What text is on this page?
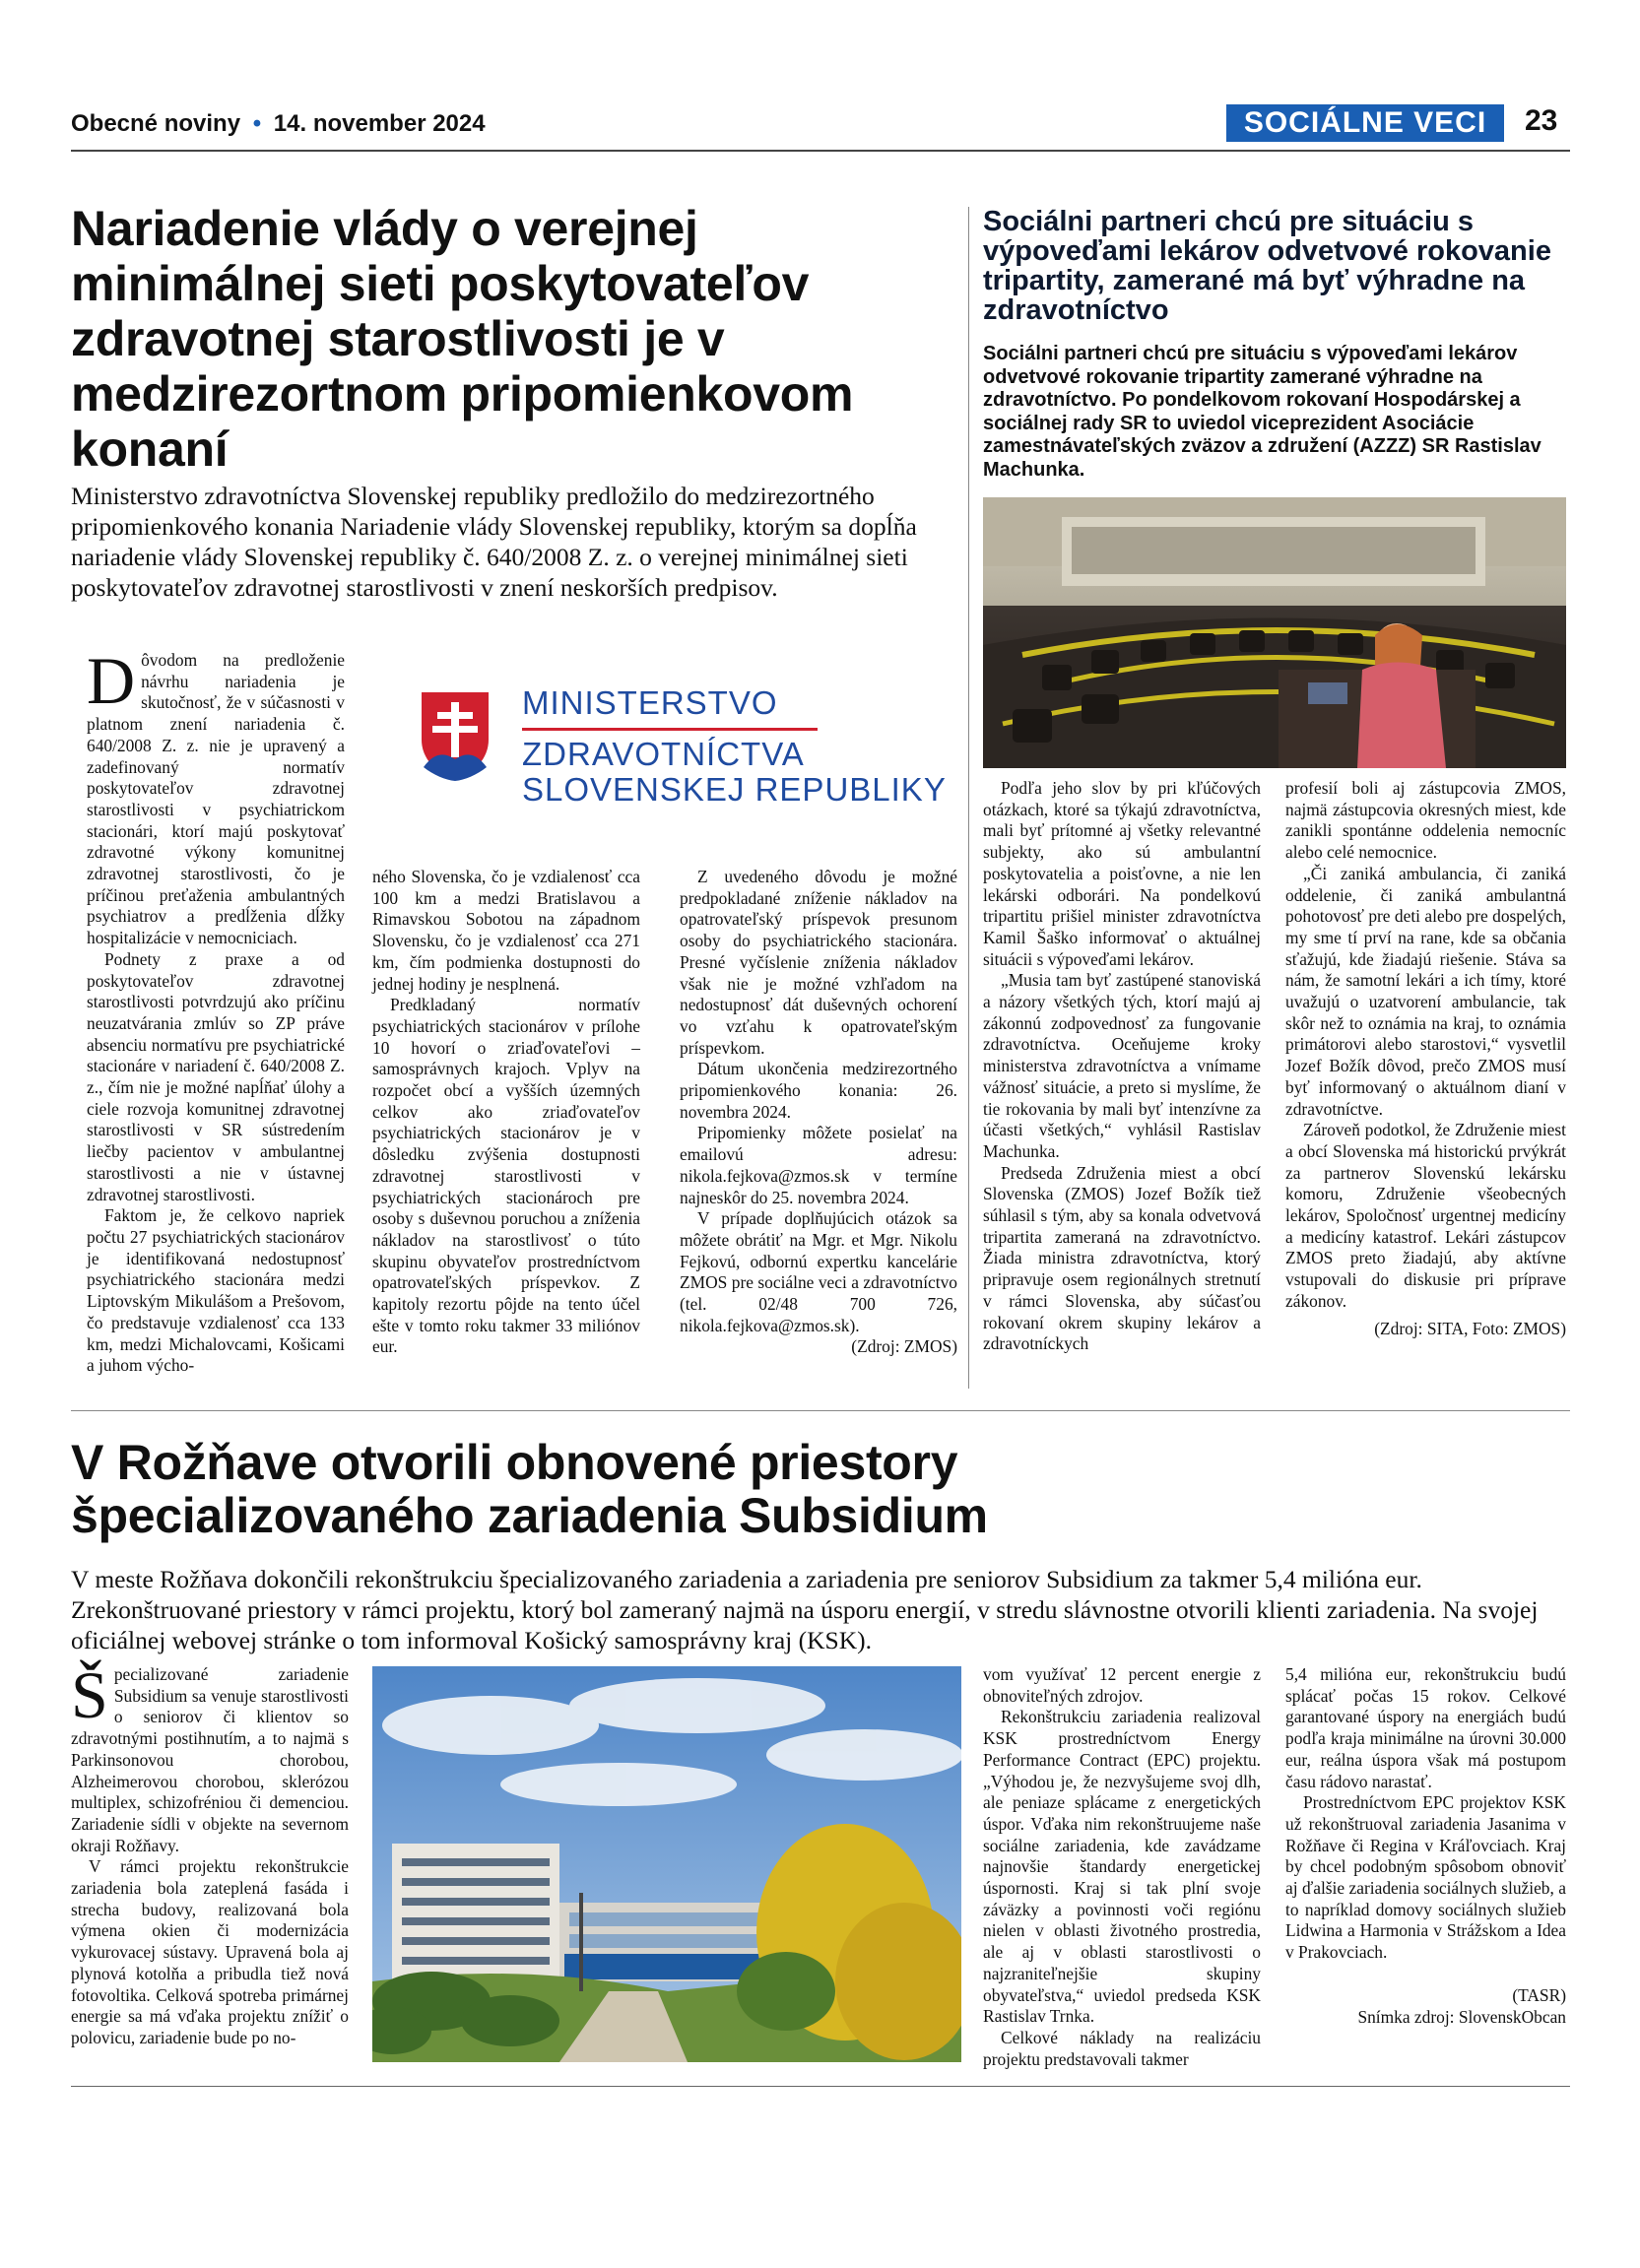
Obecné noviny • 14. november 2024	SOCIÁLNE VECI	23
Nariadenie vlády o verejnej minimálnej sieti poskytovateľov zdravotnej starostlivosti je v medzirezortnom pripomienkovom konaní
Ministerstvo zdravotníctva Slovenskej republiky predložilo do medzirezortného pripomienkového konania Nariadenie vlády Slovenskej republiky, ktorým sa dopĺňa nariadenie vlády Slovenskej republiky č. 640/2008 Z. z. o verejnej minimálnej sieti poskytovateľov zdravotnej starostlivosti v znení neskorších predpisov.
MINISTERSTVO
ZDRAVOTNÍCTVA
SLOVENSKEJ REPUBLIKY

Dôvodom na predloženie návrhu nariadenia je skutočnosť, že v súčasnosti v platnom znení nariadenia č. 640/2008 Z. z. nie je upravený a zadefinovaný normatív poskytovateľov zdravotnej starostlivosti v psychiatrickom stacionári, ktorí majú poskytovať zdravotné výkony komunitnej zdravotnej starostlivosti, čo je príčinou preťaženia ambulantných psychiatrov a predĺženia dĺžky hospitalizácie v nemocniciach.

Podnety z praxe a od poskytovateľov zdravotnej starostlivosti potvrdzujú ako príčinu neuzatvárania zmlúv so ZP práve absenciu normatívu pre psychiatrické stacionáre v nariadení č. 640/2008 Z. z., čím nie je možné napĺňať úlohy a ciele rozvoja komunitnej zdravotnej starostlivosti v SR sústredením liečby pacientov v ambulantnej starostlivosti a nie v ústavnej zdravotnej starostlivosti.

Faktom je, že celkovo napriek počtu 27 psychiatrických stacionárov je identifikovaná nedostupnosť psychiatrického stacionára medzi Liptovským Mikulášom a Prešovom, čo predstavuje vzdialenosť cca 133 km, medzi Michalovcami, Košicami a juhom výcho-

ného Slovenska, čo je vzdialenosť cca 100 km a medzi Bratislavou a Rimavskou Sobotou na západnom Slovensku, čo je vzdialenosť cca 271 km, čím podmienka dostupnosti do jednej hodiny je nesplnená.

Predkladaný normatív psychiatrických stacionárov v prílohe 10 hovorí o zriaďovateľovi – samosprávnych krajoch. Vplyv na rozpočet obcí a vyšších územných celkov ako zriaďovateľov psychiatrických stacionárov je v dôsledku zvýšenia dostupnosti zdravotnej starostlivosti v psychiatrických stacionároch pre osoby s duševnou poruchou a zníženia nákladov na starostlivosť o túto skupinu obyvateľov prostredníctvom opatrovateľských príspevkov. Z kapitoly rezortu pôjde na tento účel ešte v tomto roku takmer 33 miliónov eur.

Z uvedeného dôvodu je možné predpokladané zníženie nákladov na opatrovateľský príspevok presunom osoby do psychiatrického stacionára. Presné vyčíslenie zníženia nákladov však nie je možné vzhľadom na nedostupnosť dát duševných ochorení vo vzťahu k opatrovateľským príspevkom.

Dátum ukončenia medzirezortného pripomienkového konania: 26. novembra 2024.

Pripomienky môžete posielať na emailovú adresu: nikola.fejkova@zmos.sk v termíne najneskôr do 25. novembra 2024.

V prípade doplňujúcich otázok sa môžete obrátiť na Mgr. et Mgr. Nikolu Fejkovú, odbornú expertku kancelárie ZMOS pre sociálne veci a zdravotníctvo (tel. 02/48 700 726, nikola.fejkova@zmos.sk).

(Zdroj: ZMOS)

Sociálni partneri chcú pre situáciu s výpoveďami lekárov odvetvové rokovanie tripartity, zamerané má byť výhradne na zdravotníctvo
Sociálni partneri chcú pre situáciu s výpoveďami lekárov odvetvové rokovanie tripartity zamerané výhradne na zdravotníctvo. Po pondelkovom rokovaní Hospodárskej a sociálnej rady SR to uviedol viceprezident Asociácie zamestnávateľských zväzov a združení (AZZZ) SR Rastislav Machunka.

Podľa jeho slov by pri kľúčových otázkach, ktoré sa týkajú zdravotníctva, mali byť prítomné aj všetky relevantné subjekty, ako sú ambulantní poskytovatelia a poisťovne, a nie len lekárski odborári. Na pondelkovú tripartitu prišiel minister zdravotníctva Kamil Šaško informovať o aktuálnej situácii s výpoveďami lekárov.

„Musia tam byť zastúpené stanoviská a názory všetkých tých, ktorí majú aj zákonnú zodpovednosť za fungovanie zdravotníctva. Oceňujeme kroky ministerstva zdravotníctva a vnímame vážnosť situácie, a preto si myslíme, že tie rokovania by mali byť intenzívne za účasti všetkých,“ vyhlásil Rastislav Machunka.

Predseda Združenia miest a obcí Slovenska (ZMOS) Jozef Božík tiež súhlasil s tým, aby sa konala odvetvová tripartita zameraná na zdravotníctvo. Žiada ministra zdravotníctva, ktorý pripravuje osem regionálnych stretnutí v rámci Slovenska, aby súčasťou rokovaní okrem skupiny lekárov a zdravotníckych

profesií boli aj zástupcovia ZMOS, najmä zástupcovia okresných miest, kde zanikli spontánne oddelenia nemocníc alebo celé nemocnice.

„Či zaniká ambulancia, či zaniká oddelenie, či zaniká ambulantná pohotovosť pre deti alebo pre dospelých, my sme tí prví na rane, kde sa občania sťažujú, kde žiadajú riešenie. Stáva sa nám, že samotní lekári a ich tímy, ktoré uvažujú o uzatvorení ambulancie, tak skôr než to oznámia na kraj, to oznámia primátorovi alebo starostovi,“ vysvetlil Jozef Božík dôvod, prečo ZMOS musí byť informovaný o aktuálnom dianí v zdravotníctve.

Zároveň podotkol, že Združenie miest a obcí Slovenska má historickú prvýkrát za partnerov Slovenskú lekársku komoru, Združenie všeobecných lekárov, Spoločnosť urgentnej medicíny a medicíny katastrof. Lekári zástupcov ZMOS preto žiadajú, aby aktívne vstupovali do diskusie pri príprave zákonov.

(Zdroj: SITA, Foto: ZMOS)

V Rožňave otvorili obnovené priestory
špecializovaného zariadenia Subsidium
V meste Rožňava dokončili rekonštrukciu špecializovaného zariadenia a zariadenia pre seniorov Subsidium za takmer 5,4 milióna eur. Zrekonštruované priestory v rámci projektu, ktorý bol zameraný najmä na úsporu energií, v stredu slávnostne otvorili klienti zariadenia. Na svojej oficiálnej webovej stránke o tom informoval Košický samosprávny kraj (KSK).

Špecializované zariadenie Subsidium sa venuje starostlivosti o seniorov či klientov so zdravotnými postihnutím, a to najmä s Parkinsonovou chorobou, Alzheimerovou chorobou, sklerózou multiplex, schizofréniou či demenciou. Zariadenie sídli v objekte na severnom okraji Rožňavy.

V rámci projektu rekonštrukcie zariadenia bola zateplená fasáda i strecha budovy, realizovaná bola výmena okien či modernizácia vykurovacej sústavy. Upravená bola aj plynová kotolňa a pribudla tiež nová fotovoltika. Celková spotreba primárnej energie sa má vďaka projektu znížiť o polovicu, zariadenie bude po no-

vom využívať 12 percent energie z obnoviteľných zdrojov.

Rekonštrukciu zariadenia realizoval KSK prostredníctvom Energy Performance Contract (EPC) projektu. „Výhodou je, že nezvyšujeme svoj dlh, ale peniaze splácame z energetických úspor. Vďaka nim rekonštruujeme naše sociálne zariadenia, kde zavádzame najnovšie štandardy energetickej úspornosti. Kraj si tak plní svoje záväzky a povinnosti voči regiónu nielen v oblasti životného prostredia, ale aj v oblasti starostlivosti o najzraniteľnejšie skupiny obyvateľstva,“ uviedol predseda KSK Rastislav Trnka.

Celkové náklady na realizáciu projektu predstavovali takmer

5,4 milióna eur, rekonštrukciu budú splácať počas 15 rokov. Celkové garantované úspory na energiách budú podľa kraja minimálne na úrovni 30.000 eur, reálna úspora však má postupom času rádovo narastať.

Prostredníctvom EPC projektov KSK už rekonštruoval zariadenia Jasanima v Rožňave či Regina v Kráľovciach. Kraj by chcel podobným spôsobom obnoviť aj ďalšie zariadenia sociálnych služieb, a to napríklad domovy sociálnych služieb Lidwina a Harmonia v Strážskom a Idea v Prakovciach.

(TASR)

Snímka zdroj: SlovenskObcan
